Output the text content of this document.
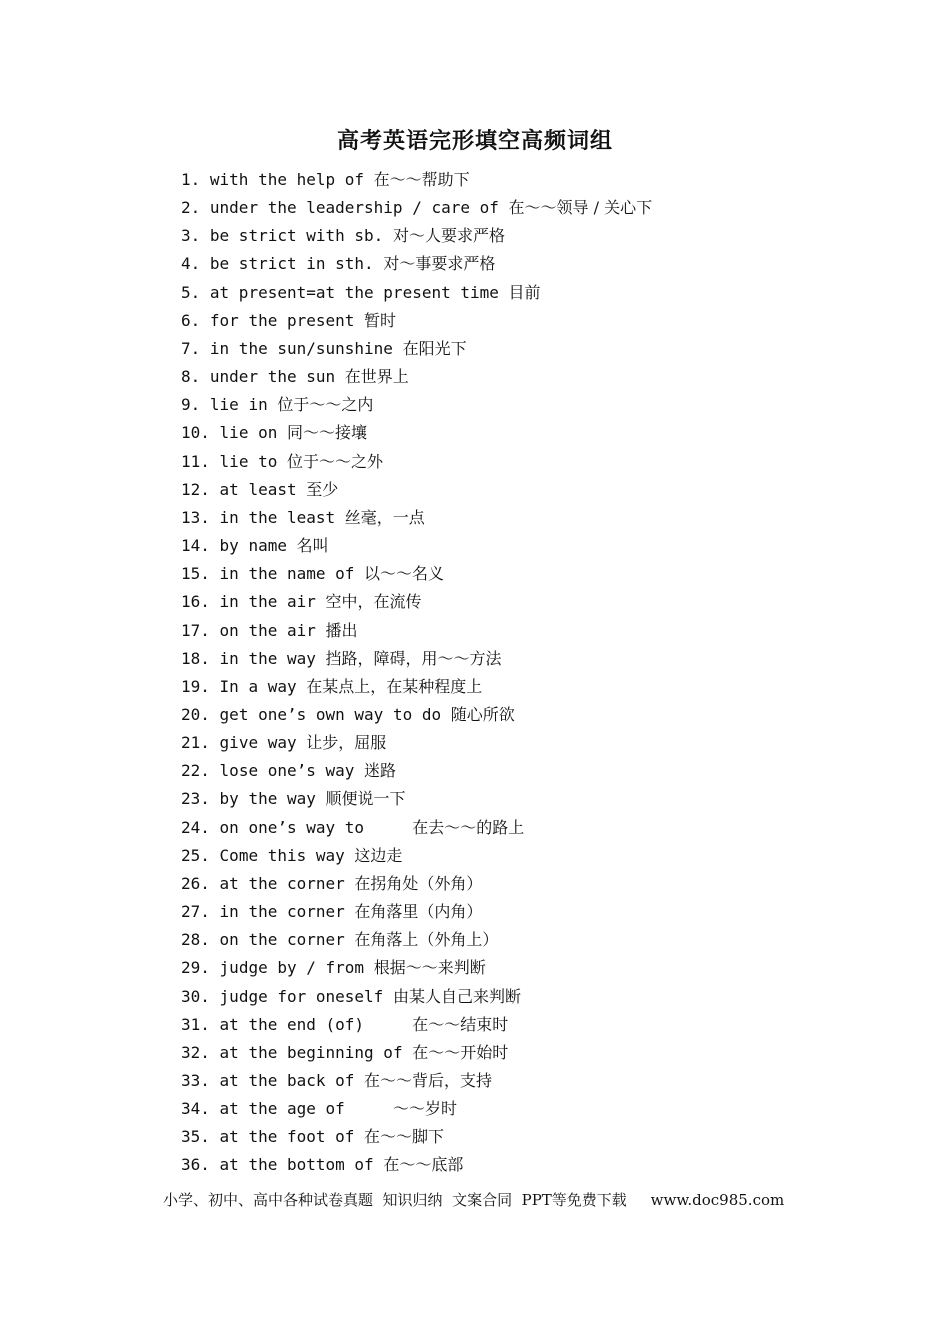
高考英语完形填空高频词组
1. with the help of 在～～帮助下
2. under the leadership / care of 在～～领导 / 关心下
3. be strict with sb. 对～人要求严格
4. be strict in sth. 对～事要求严格
5. at present=at the present time 目前
6. for the present 暂时
7. in the sun/sunshine 在阳光下
8. under the sun 在世界上
9. lie in 位于～～之内
10. lie on 同～～接壤
11. lie to 位于～～之外
12. at least 至少
13. in the least 丝毫，一点
14. by name 名叫
15. in the name of 以～～名义
16. in the air 空中，在流传
17. on the air 播出
18. in the way 挡路，障碍，用～～方法
19. In a way 在某点上，在某种程度上
20. get one’s own way to do 随心所欲
21. give way 让步，屈服
22. lose one’s way 迷路
23. by the way 顺便说一下
24. on one’s way to     在去～～的路上
25. Come this way 这边走
26. at the corner 在拐角处（外角）
27. in the corner 在角落里（内角）
28. on the corner 在角落上（外角上）
29. judge by / from 根据～～来判断
30. judge for oneself 由某人自己来判断
31. at the end (of)     在～～结束时
32. at the beginning of 在～～开始时
33. at the back of 在～～背后，支持
34. at the age of     ～～岁时
35. at the foot of 在～～脚下
36. at the bottom of 在～～底部
小学、初中、高中各种试卷真题  知识归纳  文案合同  PPT等免费下载     www.doc985.com
